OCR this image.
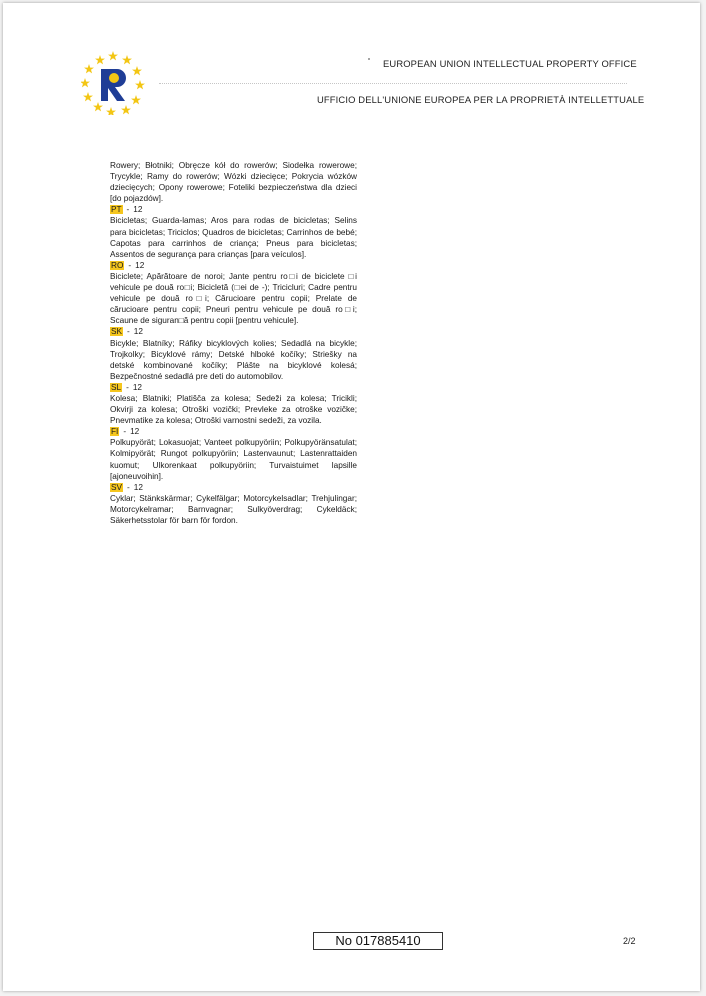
EUROPEAN UNION INTELLECTUAL PROPERTY OFFICE
UFFICIO DELL'UNIONE EUROPEA PER LA PROPRIETÀ INTELLETTUALE

Rowery; Błotniki; Obręcze kół do rowerów; Siodełka rowerowe; Trycykle; Ramy do rowerów; Wózki dziecięce; Pokrycia wózków dziecięcych; Opony rowerowe; Foteliki bezpieczeństwa dla dzieci [do pojazdów].

PT - 12

Bicicletas; Guarda-lamas; Aros para rodas de bicicletas; Selins para bicicletas; Triciclos; Quadros de bicicletas; Carrinhos de bebé; Capotas para carrinhos de criança; Pneus para bicicletas; Assentos de segurança para crianças [para veículos].

RO - 12

Biciclete; Apărătoare de noroi; Jante pentru ro□i de biciclete □i vehicule pe două ro□i; Bicicletă (□ei de -); Tricicluri; Cadre pentru vehicule pe două ro□i; Cărucioare pentru copii; Prelate de cărucioare pentru copii; Pneuri pentru vehicule pe două ro□i; Scaune de siguran□ă pentru copii [pentru vehicule].

SK - 12

Bicykle; Blatníky; Ráfiky bicyklových kolies; Sedadlá na bicykle; Trojkolky; Bicyklové rámy; Detské hlboké kočíky; Striešky na detské kombinované kočíky; Plášte na bicyklové kolesá; Bezpečnostné sedadlá pre deti do automobilov.

SL - 12

Kolesa; Blatniki; Platišča za kolesa; Sedeži za kolesa; Tricikli; Okvirji za kolesa; Otroški vozički; Prevleke za otroške vozičke; Pnevmatike za kolesa; Otroški varnostni sedeži, za vozila.

FI - 12

Polkupyörät; Lokasuojat; Vanteet polkupyöriin; Polkupyöränsatulat; Kolmipyörät; Rungot polkupyöriin; Lastenvaunut; Lastenrattaiden kuomut; Ulkorenkaat polkupyöriin; Turvaistuimet lapsille [ajoneuvoihin].

SV - 12

Cyklar; Stänkskärmar; Cykelfälgar; Motorcykelsadlar; Trehjulingar; Motorcykelramar; Barnvagnar; Sulkyöverdrag; Cykeldäck; Säkerhetsstolar för barn för fordon.

No 017885410	2/2
